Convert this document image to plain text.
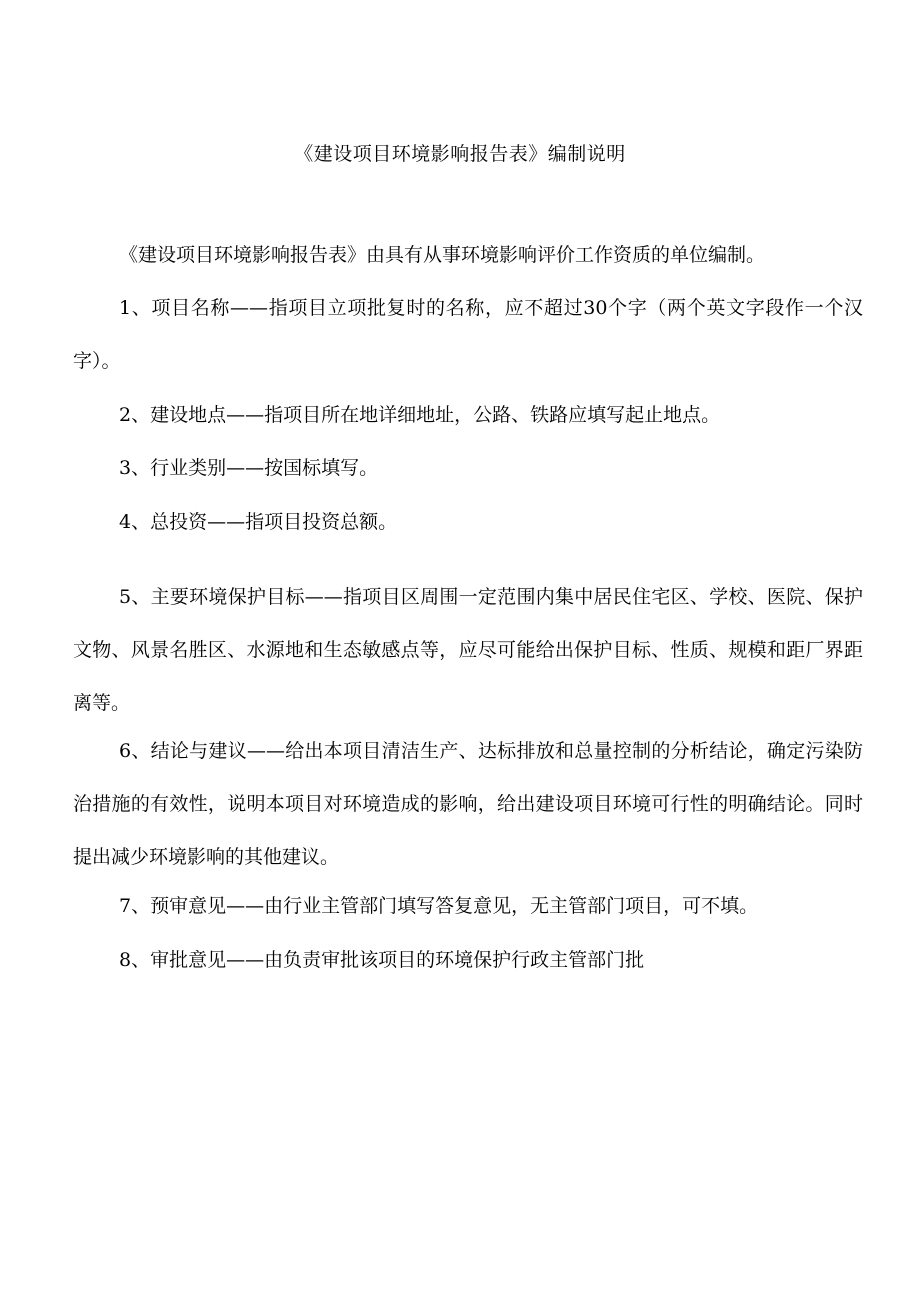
《建设项目环境影响报告表》编制说明

《建设项目环境影响报告表》由具有从事环境影响评价工作资质的单位编制。

1、项目名称——指项目立项批复时的名称，应不超过30个字（两个英文字段作一个汉字）。

2、建设地点——指项目所在地详细地址，公路、铁路应填写起止地点。

3、行业类别——按国标填写。

4、总投资——指项目投资总额。

5、主要环境保护目标——指项目区周围一定范围内集中居民住宅区、学校、医院、保护文物、风景名胜区、水源地和生态敏感点等，应尽可能给出保护目标、性质、规模和距厂界距离等。

6、结论与建议——给出本项目清洁生产、达标排放和总量控制的分析结论，确定污染防治措施的有效性，说明本项目对环境造成的影响，给出建设项目环境可行性的明确结论。同时提出减少环境影响的其他建议。

7、预审意见——由行业主管部门填写答复意见，无主管部门项目，可不填。

8、审批意见——由负责审批该项目的环境保护行政主管部门批
